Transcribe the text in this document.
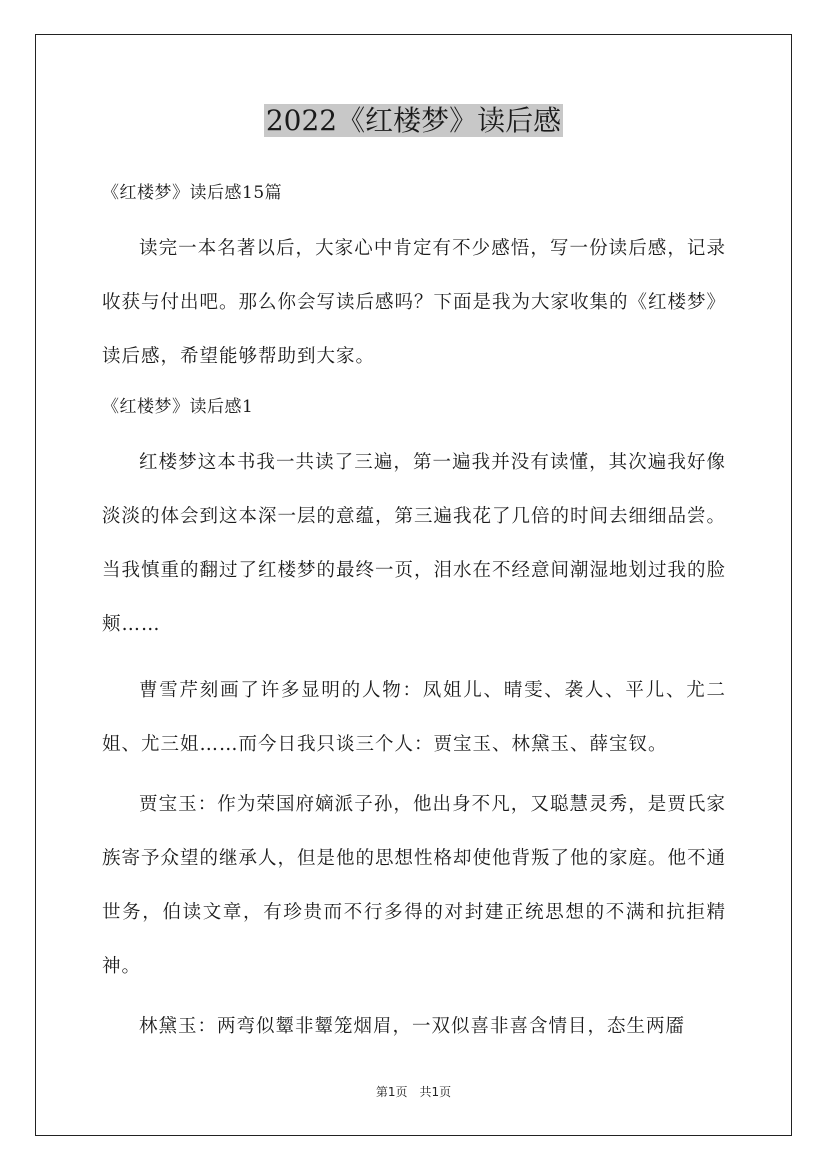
2022《红楼梦》读后感

《红楼梦》读后感15篇

读完一本名著以后，大家心中肯定有不少感悟，写一份读后感，记录收获与付出吧。那么你会写读后感吗？下面是我为大家收集的《红楼梦》读后感，希望能够帮助到大家。

《红楼梦》读后感1

红楼梦这本书我一共读了三遍，第一遍我并没有读懂，其次遍我好像淡淡的体会到这本深一层的意蕴，第三遍我花了几倍的时间去细细品尝。当我慎重的翻过了红楼梦的最终一页，泪水在不经意间潮湿地划过我的脸颊……

曹雪芹刻画了许多显明的人物：凤姐儿、晴雯、袭人、平儿、尤二姐、尤三姐……而今日我只谈三个人：贾宝玉、林黛玉、薛宝钗。

贾宝玉：作为荣国府嫡派子孙，他出身不凡，又聪慧灵秀，是贾氏家族寄予众望的继承人，但是他的思想性格却使他背叛了他的家庭。他不通世务，伯读文章，有珍贵而不行多得的对封建正统思想的不满和抗拒精神。

林黛玉：两弯似颦非颦笼烟眉，一双似喜非喜含情目，态生两靥

第1页 共1页
